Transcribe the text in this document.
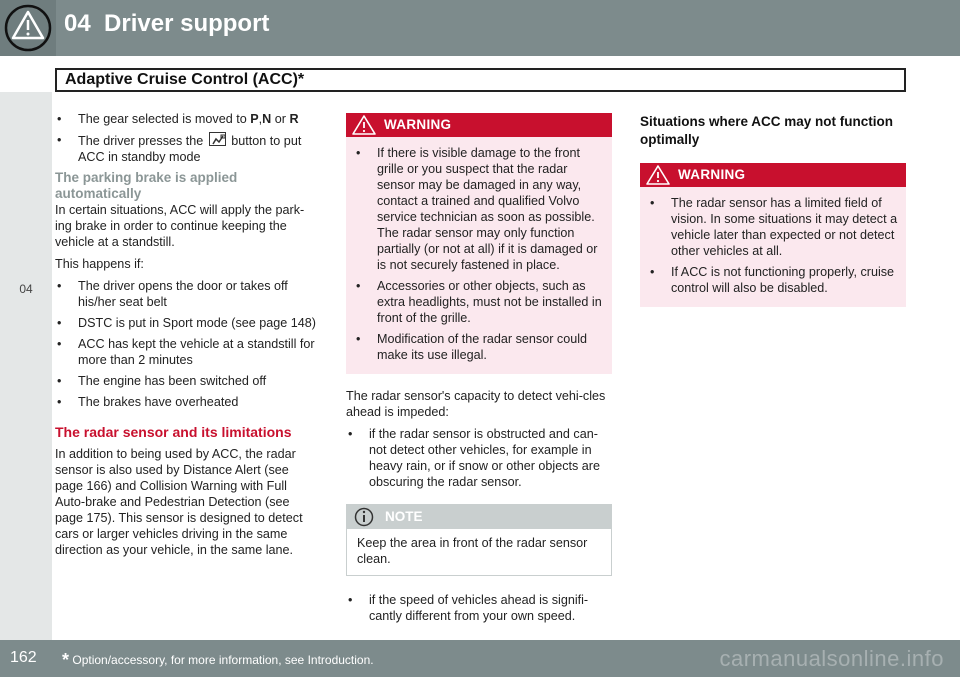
04 Driver support
Adaptive Cruise Control (ACC)*
04
• The gear selected is moved to P,N or R
• The driver presses the  button to put ACC in standby mode
The parking brake is applied automatically
In certain situations, ACC will apply the park-ing brake in order to continue keeping the vehicle at a standstill.
This happens if:
• The driver opens the door or takes off his/her seat belt
• DSTC is put in Sport mode (see page 148)
• ACC has kept the vehicle at a standstill for more than 2 minutes
• The engine has been switched off
• The brakes have overheated
The radar sensor and its limitations
In addition to being used by ACC, the radar sensor is also used by Distance Alert (see page 166) and Collision Warning with Full Auto-brake and Pedestrian Detection (see page 175). This sensor is designed to detect cars or larger vehicles driving in the same direction as your vehicle, in the same lane.
WARNING
• If there is visible damage to the front grille or you suspect that the radar sensor may be damaged in any way, contact a trained and qualified Volvo service technician as soon as possible. The radar sensor may only function partially (or not at all) if it is damaged or is not securely fastened in place.
• Accessories or other objects, such as extra headlights, must not be installed in front of the grille.
• Modification of the radar sensor could make its use illegal.
The radar sensor's capacity to detect vehi-cles ahead is impeded:
• if the radar sensor is obstructed and can-not detect other vehicles, for example in heavy rain, or if snow or other objects are obscuring the radar sensor.
NOTE
Keep the area in front of the radar sensor clean.
• if the speed of vehicles ahead is signifi-cantly different from your own speed.
Situations where ACC may not function optimally
WARNING
• The radar sensor has a limited field of vision. In some situations it may detect a vehicle later than expected or not detect other vehicles at all.
• If ACC is not functioning properly, cruise control will also be disabled.
162 * Option/accessory, for more information, see Introduction.	carmanualsonline.info
